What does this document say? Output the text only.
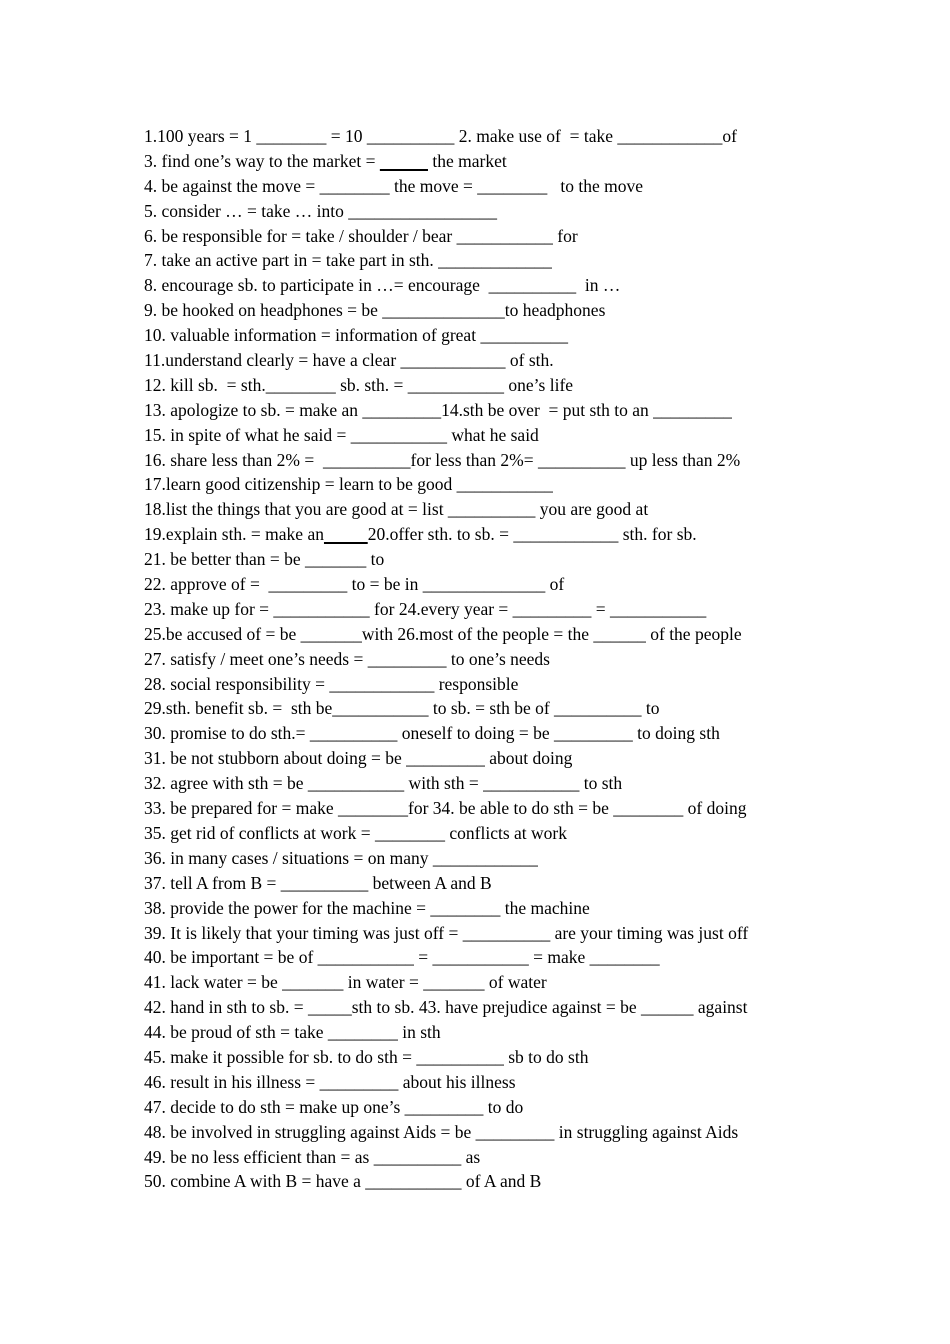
1.100 years = 1 ________ = 10 __________ 2. make use of  = take ____________of
3. find one’s way to the market =	the market
4. be against the move = ________ the move = ________   to the move
5. consider … = take … into _________________
6. be responsible for = take / shoulder / bear ___________ for
7. take an active part in = take part in sth. _____________
8. encourage sb. to participate in …= encourage  __________  in …
9. be hooked on headphones = be ______________to headphones
10. valuable information = information of great __________
11.understand clearly = have a clear ____________ of sth.
12. kill sb.  = sth.________ sb. sth. = ___________ one’s life
13. apologize to sb. = make an _________14.sth be over  = put sth to an _________
15. in spite of what he said = ___________ what he said
16. share less than 2% =  __________for less than 2%= __________ up less than 2%
17.learn good citizenship = learn to be good ___________
18.list the things that you are good at = list __________ you are good at
19.explain sth. = make an	20.offer sth. to sb. = ____________ sth. for sb.
21. be better than = be _______ to
22. approve of =  _________ to = be in ______________ of
23. make up for = ___________ for 24.every year = _________ = ___________
25.be accused of = be _______with 26.most of the people = the ______ of the people
27. satisfy / meet one’s needs = _________ to one’s needs
28. social responsibility = ____________ responsible
29.sth. benefit sb. =  sth be___________ to sb. = sth be of __________ to
30. promise to do sth.= __________ oneself to doing = be _________ to doing sth
31. be not stubborn about doing = be _________ about doing
32. agree with sth = be ___________ with sth = ___________ to sth
33. be prepared for = make ________for 34. be able to do sth = be ________ of doing
35. get rid of conflicts at work = ________ conflicts at work
36. in many cases / situations = on many ____________
37. tell A from B = __________ between A and B
38. provide the power for the machine = ________ the machine
39. It is likely that your timing was just off = __________ are your timing was just off
40. be important = be of ___________ = ___________ = make ________
41. lack water = be _______ in water = _______ of water
42. hand in sth to sb. = _____sth to sb. 43. have prejudice against = be ______ against
44. be proud of sth = take ________ in sth
45. make it possible for sb. to do sth = __________ sb to do sth
46. result in his illness = _________ about his illness
47. decide to do sth = make up one’s _________ to do
48. be involved in struggling against Aids = be _________ in struggling against Aids
49. be no less efficient than = as __________ as
50. combine A with B = have a ___________ of A and B
